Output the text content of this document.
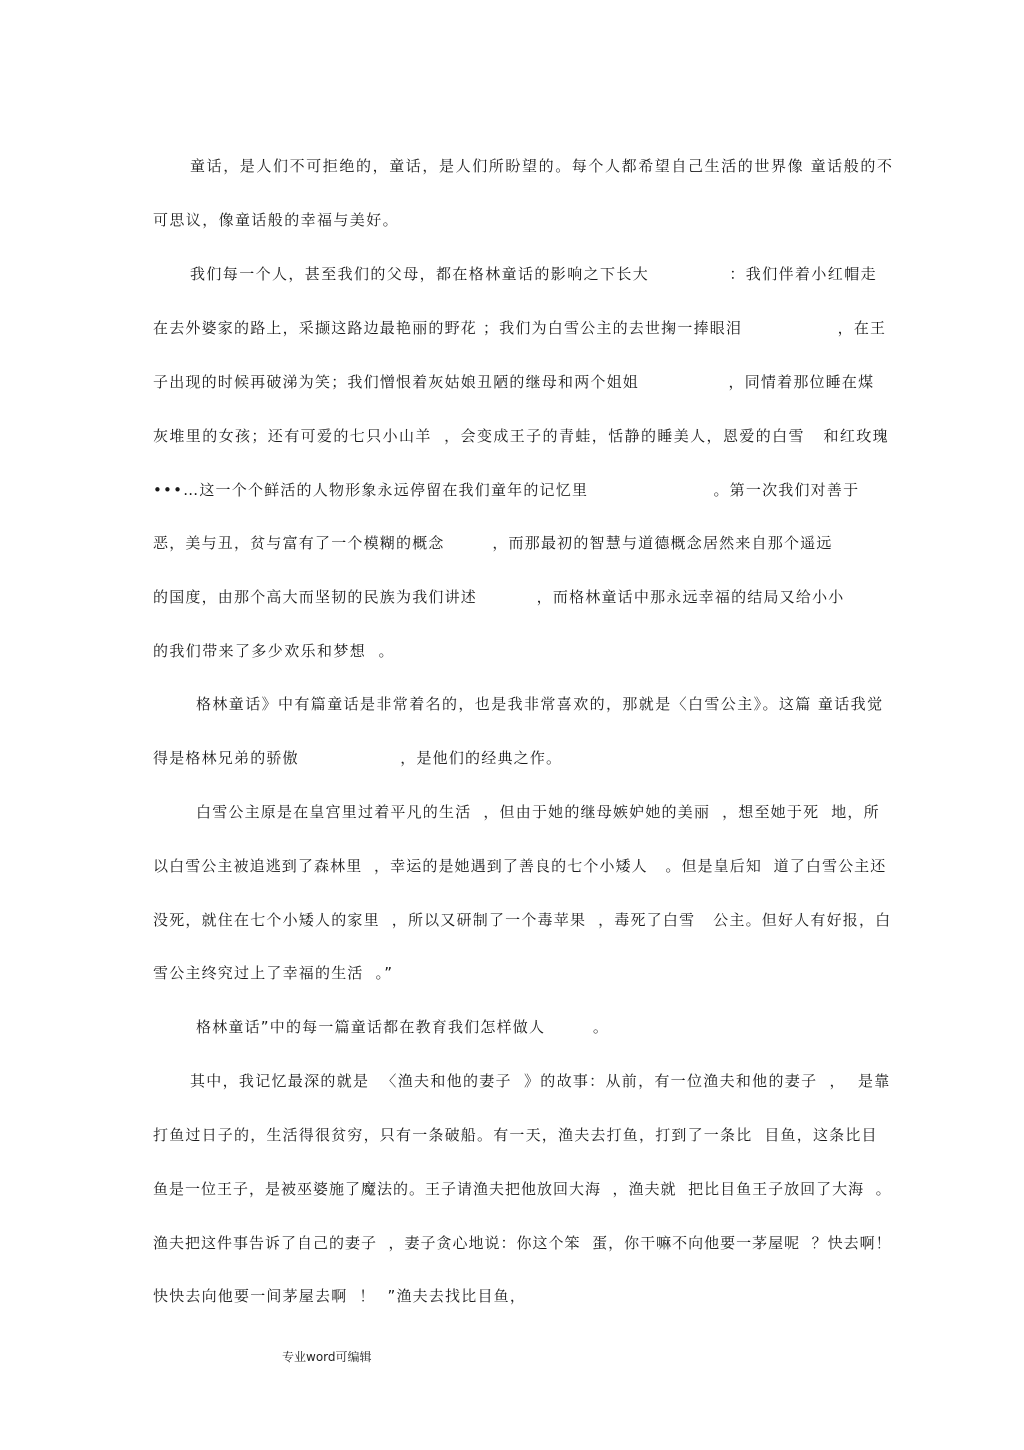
童话，是人们不可拒绝的，童话，是人们所盼望的。每个人都希望自己生活的世界像 童话般的不
可思议，像童话般的幸福与美好。
我们每一个人，甚至我们的父母，都在格林童话的影响之下长大             ：我们伴着小红帽走
在去外婆家的路上，采撷这路边最艳丽的野花 ；我们为白雪公主的去世掬一捧眼泪                ，在王
子出现的时候再破涕为笑；我们憎恨着灰姑娘丑陋的继母和两个姐姐               ，同情着那位睡在煤
灰堆里的女孩；还有可爱的七只小山羊  ，会变成王子的青蛙，恬静的睡美人，恩爱的白雪   和红玫瑰
•••…这一个个鲜活的人物形象永远停留在我们童年的记忆里                     。第一次我们对善于
恶，美与丑，贫与富有了一个模糊的概念        ，而那最初的智慧与道德概念居然来自那个遥远
的国度，由那个高大而坚韧的民族为我们讲述          ，而格林童话中那永远幸福的结局又给小小
的我们带来了多少欢乐和梦想  。
格林童话》中有篇童话是非常着名的，也是我非常喜欢的，那就是〈白雪公主》。这篇 童话我觉
得是格林兄弟的骄傲                 ，是他们的经典之作。
白雪公主原是在皇宫里过着平凡的生活  ，但由于她的继母嫉妒她的美丽  ，想至她于死  地，所
以白雪公主被追逃到了森林里  ，幸运的是她遇到了善良的七个小矮人   。但是皇后知  道了白雪公主还
没死，就住在七个小矮人的家里  ，所以又研制了一个毒苹果  ，毒死了白雪   公主。但好人有好报，白
雪公主终究过上了幸福的生活  。”
格林童话”中的每一篇童话都在教育我们怎样做人        。
其中，我记忆最深的就是  〈渔夫和他的妻子  》的故事：从前，有一位渔夫和他的妻子  ，  是靠
打鱼过日子的，生活得很贫穷，只有一条破船。有一天，渔夫去打鱼，打到了一条比  目鱼，这条比目
鱼是一位王子，是被巫婆施了魔法的。王子请渔夫把他放回大海  ，渔夫就  把比目鱼王子放回了大海  。
渔夫把这件事告诉了自己的妻子  ，妻子贪心地说：你这个笨  蛋，你干嘛不向他要一茅屋呢  ？快去啊！
快快去向他要一间茅屋去啊  ！  ”渔夫去找比目鱼，
专业word可编辑
